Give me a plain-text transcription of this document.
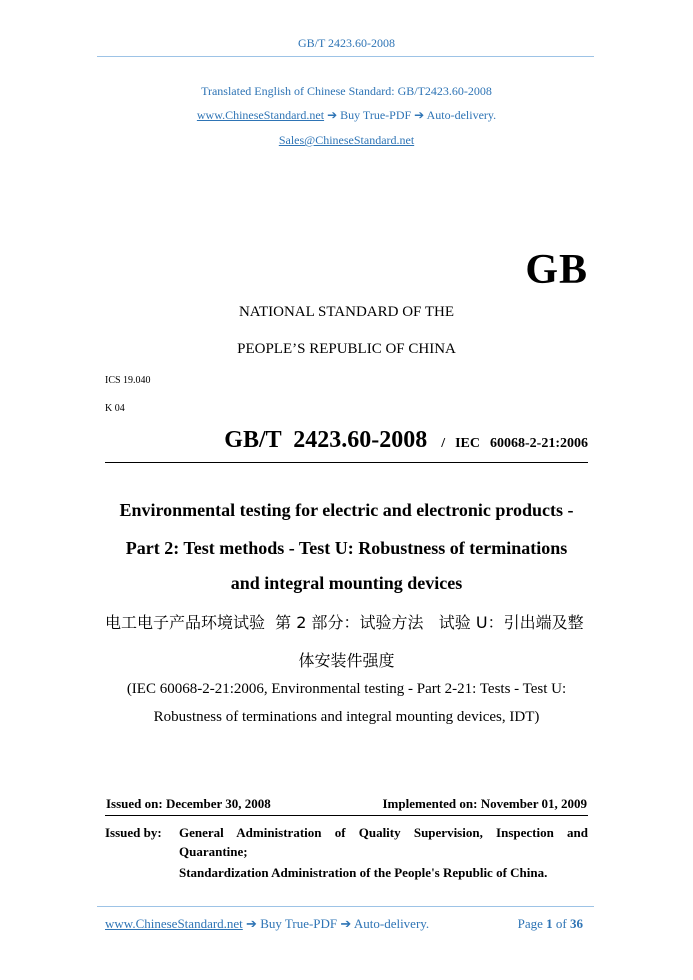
GB/T 2423.60-2008
Translated English of Chinese Standard: GB/T2423.60-2008
www.ChineseStandard.net ➔ Buy True-PDF ➔ Auto-delivery.
Sales@ChineseStandard.net
GB
NATIONAL STANDARD OF THE
PEOPLE’S REPUBLIC OF CHINA
ICS 19.040
K 04
GB/T  2423.60-2008 / IEC 60068-2-21:2006
Environmental testing for electric and electronic products -
Part 2: Test methods - Test U: Robustness of terminations
and integral mounting devices
电工电子产品环境试验  第 2 部分：试验方法   试验 U：引出端及整
体安装件强度
(IEC 60068-2-21:2006, Environmental testing - Part 2-21: Tests - Test U:
Robustness of terminations and integral mounting devices, IDT)
Issued on: December 30, 2008	Implemented on: November 01, 2009
Issued by: General Administration of Quality Supervision, Inspection and
Quarantine;
Standardization Administration of the People's Republic of China.
www.ChineseStandard.net ➔ Buy True-PDF ➔ Auto-delivery.	Page 1 of 36
